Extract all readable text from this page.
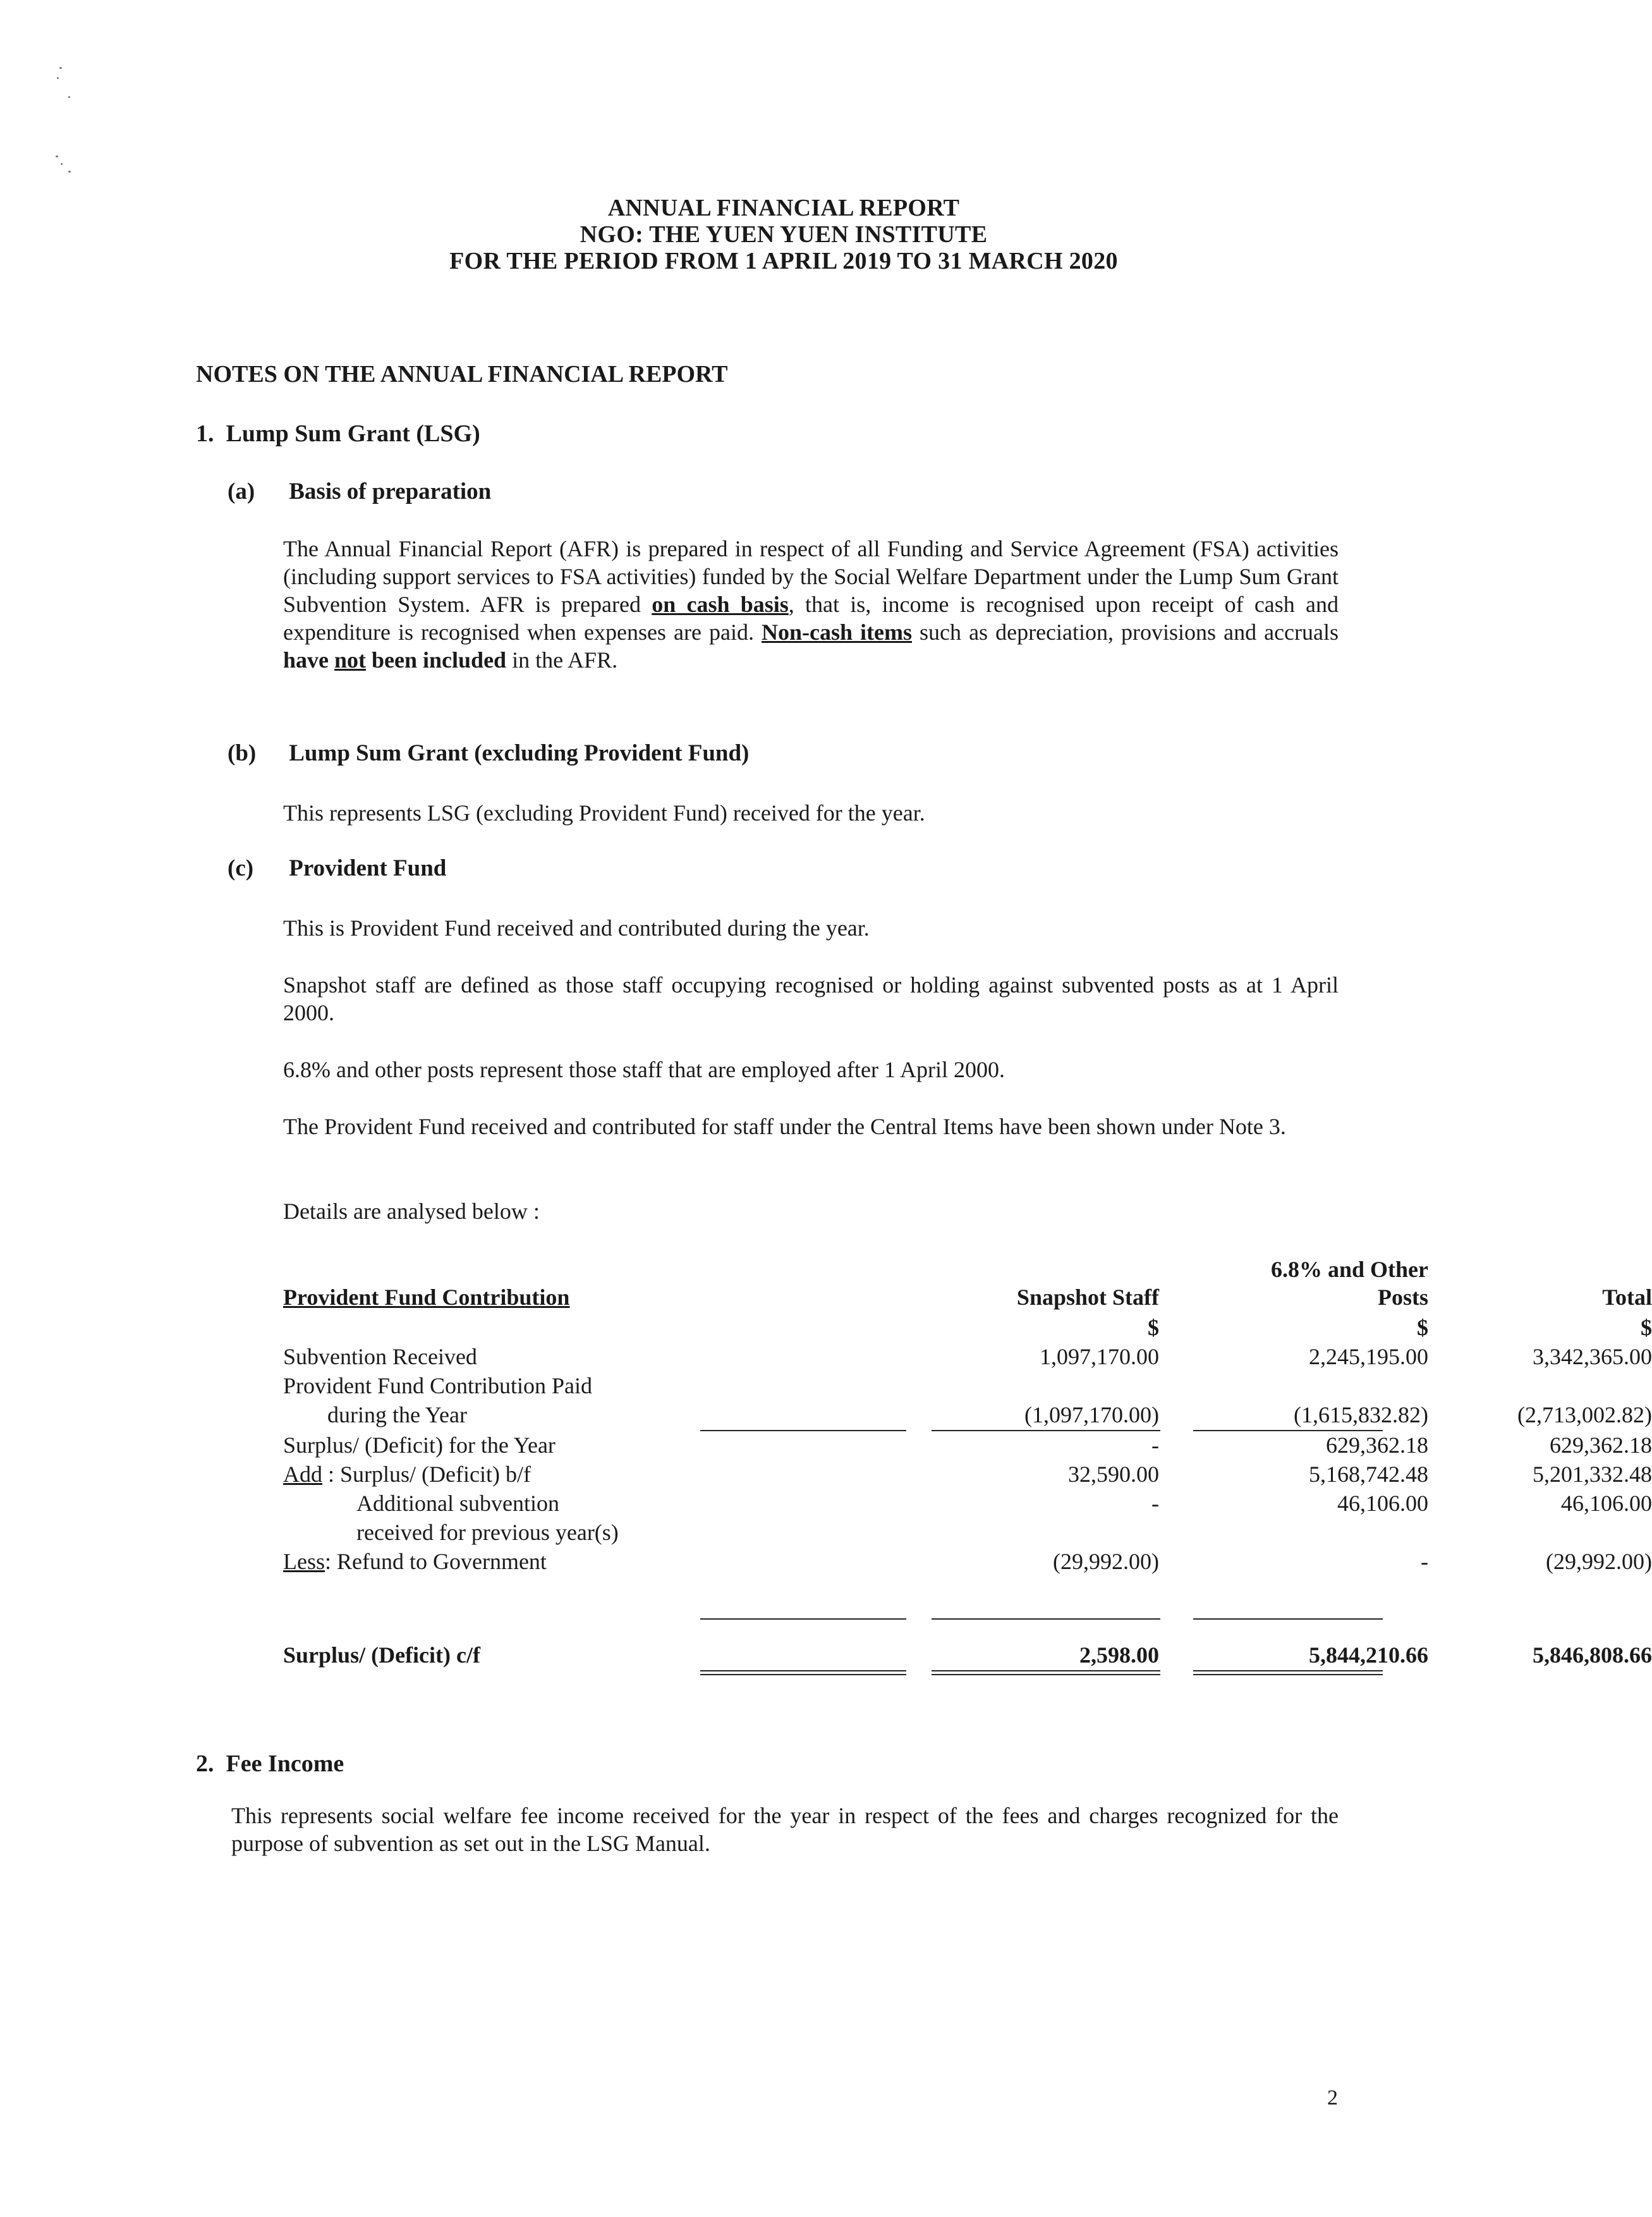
ANNUAL FINANCIAL REPORT
NGO: THE YUEN YUEN INSTITUTE
FOR THE PERIOD FROM 1 APRIL 2019 TO 31 MARCH 2020
NOTES ON THE ANNUAL FINANCIAL REPORT
1. Lump Sum Grant (LSG)
(a) Basis of preparation
The Annual Financial Report (AFR) is prepared in respect of all Funding and Service Agreement (FSA) activities (including support services to FSA activities) funded by the Social Welfare Department under the Lump Sum Grant Subvention System. AFR is prepared on cash basis, that is, income is recognised upon receipt of cash and expenditure is recognised when expenses are paid. Non-cash items such as depreciation, provisions and accruals have not been included in the AFR.
(b) Lump Sum Grant (excluding Provident Fund)
This represents LSG (excluding Provident Fund) received for the year.
(c) Provident Fund
This is Provident Fund received and contributed during the year.
Snapshot staff are defined as those staff occupying recognised or holding against subvented posts as at 1 April 2000.
6.8% and other posts represent those staff that are employed after 1 April 2000.
The Provident Fund received and contributed for staff under the Central Items have been shown under Note 3.
Details are analysed below :
6.8% and Other
Provident Fund Contribution	Snapshot Staff	Posts	Total
$	$	$
Subvention Received	1,097,170.00	2,245,195.00	3,342,365.00
Provident Fund Contribution Paid
during the Year	(1,097,170.00)	(1,615,832.82)	(2,713,002.82)
Surplus/ (Deficit) for the Year	-	629,362.18	629,362.18
Add : Surplus/ (Deficit) b/f	32,590.00	5,168,742.48	5,201,332.48
Additional subvention	-	46,106.00	46,106.00
received for previous year(s)
Less: Refund to Government	(29,992.00)	-	(29,992.00)
Surplus/ (Deficit) c/f	2,598.00	5,844,210.66	5,846,808.66
2. Fee Income
This represents social welfare fee income received for the year in respect of the fees and charges recognized for the purpose of subvention as set out in the LSG Manual.
2
